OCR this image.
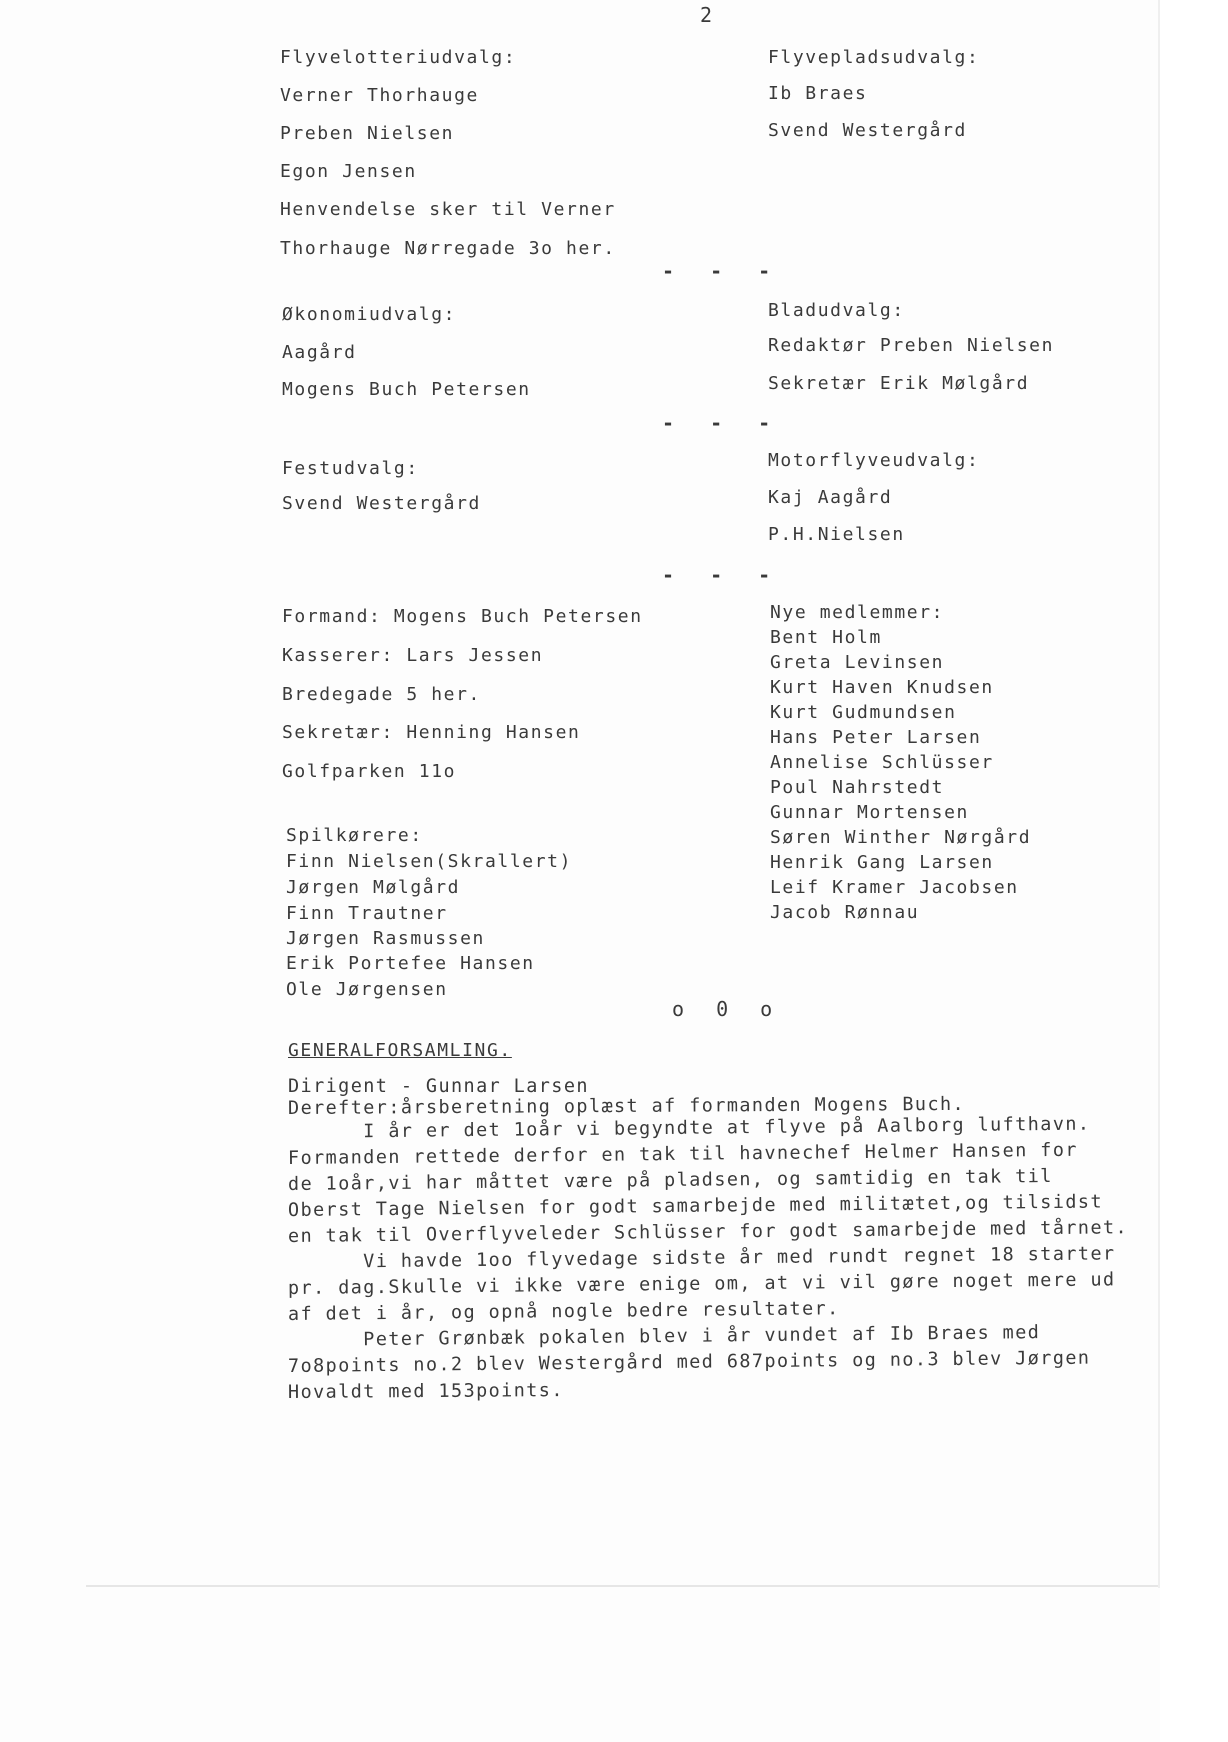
2
Flyvelotteriudvalg:
Verner Thorhauge
Preben Nielsen
Egon Jensen
Henvendelse sker til Verner
Thorhauge Nørregade 3o her.
Flyvepladsudvalg:
Ib Braes
Svend Westergård
- - -
Økonomiudvalg:
Aagård
Mogens Buch Petersen
Bladudvalg:
Redaktør Preben Nielsen
Sekretær Erik Mølgård
- - -
Festudvalg:
Svend Westergård
Motorflyveudvalg:
Kaj Aagård
P.H.Nielsen
- - -
Formand: Mogens Buch Petersen
Kasserer: Lars Jessen
Bredegade 5 her.
Sekretær: Henning Hansen
Golfparken 11o
Spilkørere:
Finn Nielsen(Skrallert)
Jørgen Mølgård
Finn Trautner
Jørgen Rasmussen
Erik Portefee Hansen
Ole Jørgensen
Nye medlemmer:
Bent Holm
Greta Levinsen
Kurt Haven Knudsen
Kurt Gudmundsen
Hans Peter Larsen
Annelise Schlüsser
Poul Nahrstedt
Gunnar Mortensen
Søren Winther Nørgård
Henrik Gang Larsen
Leif Kramer Jacobsen
Jacob Rønnau
o 0 o
GENERALFORSAMLING.
Dirigent - Gunnar Larsen
Derefter:årsberetning oplæst af formanden Mogens Buch.
I år er det 1oår vi begyndte at flyve på Aalborg lufthavn.
Formanden rettede derfor en tak til havnechef Helmer Hansen for
de 1oår,vi har måttet være på pladsen, og samtidig en tak til
Oberst Tage Nielsen for godt samarbejde med militætet,og tilsidst
en tak til Overflyveleder Schlüsser for godt samarbejde med tårnet.
Vi havde 1oo flyvedage sidste år med rundt regnet 18 starter
pr. dag.Skulle vi ikke være enige om, at vi vil gøre noget mere ud
af det i år, og opnå nogle bedre resultater.
Peter Grønbæk pokalen blev i år vundet af Ib Braes med
7o8points no.2 blev Westergård med 687points og no.3 blev Jørgen
Hovaldt med 153points.
